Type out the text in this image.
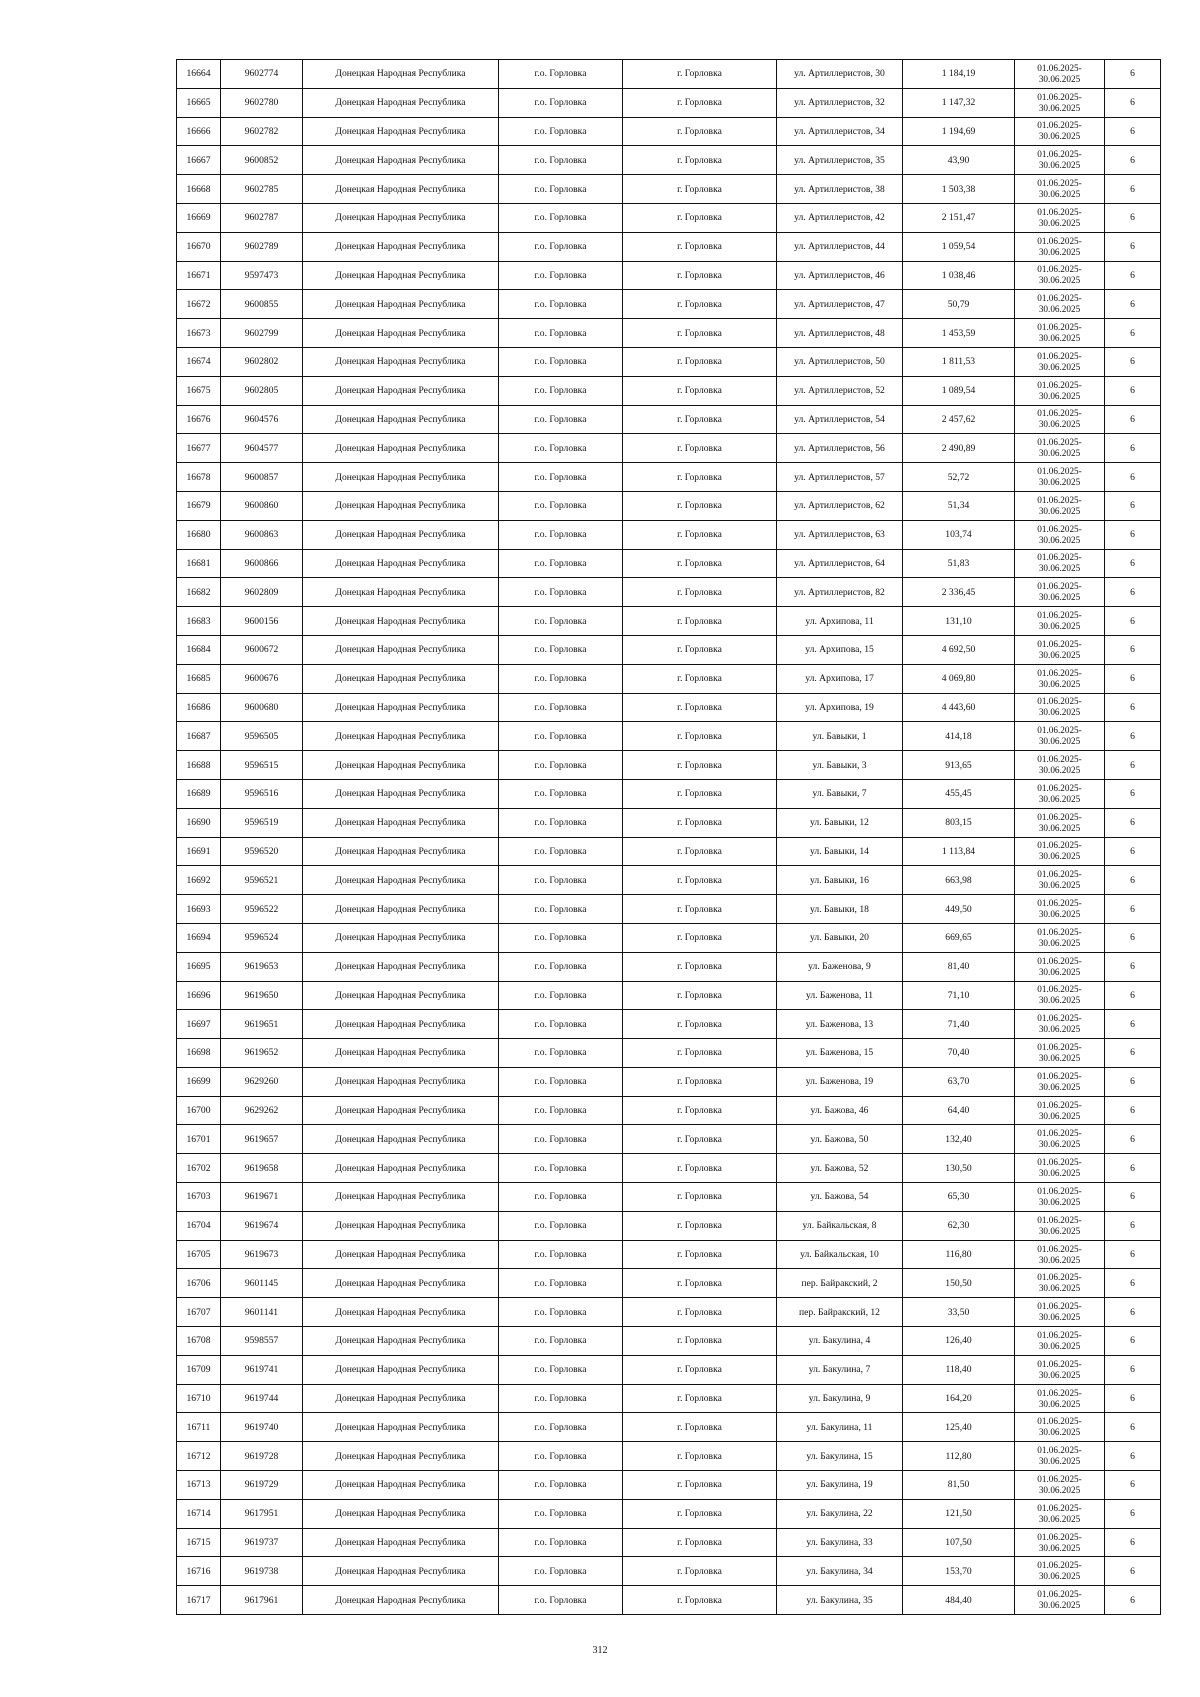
16664	9602774	Донецкая Народная Республика	г.о. Горловка	г. Горловка	ул. Артиллеристов, 30	1 184,19	01.06.2025-
30.06.2025	6
16665	9602780	Донецкая Народная Республика	г.о. Горловка	г. Горловка	ул. Артиллеристов, 32	1 147,32	01.06.2025-
30.06.2025	6
16666	9602782	Донецкая Народная Республика	г.о. Горловка	г. Горловка	ул. Артиллеристов, 34	1 194,69	01.06.2025-
30.06.2025	6
16667	9600852	Донецкая Народная Республика	г.о. Горловка	г. Горловка	ул. Артиллеристов, 35	43,90	01.06.2025-
30.06.2025	6
16668	9602785	Донецкая Народная Республика	г.о. Горловка	г. Горловка	ул. Артиллеристов, 38	1 503,38	01.06.2025-
30.06.2025	6
16669	9602787	Донецкая Народная Республика	г.о. Горловка	г. Горловка	ул. Артиллеристов, 42	2 151,47	01.06.2025-
30.06.2025	6
16670	9602789	Донецкая Народная Республика	г.о. Горловка	г. Горловка	ул. Артиллеристов, 44	1 059,54	01.06.2025-
30.06.2025	6
16671	9597473	Донецкая Народная Республика	г.о. Горловка	г. Горловка	ул. Артиллеристов, 46	1 038,46	01.06.2025-
30.06.2025	6
16672	9600855	Донецкая Народная Республика	г.о. Горловка	г. Горловка	ул. Артиллеристов, 47	50,79	01.06.2025-
30.06.2025	6
16673	9602799	Донецкая Народная Республика	г.о. Горловка	г. Горловка	ул. Артиллеристов, 48	1 453,59	01.06.2025-
30.06.2025	6
16674	9602802	Донецкая Народная Республика	г.о. Горловка	г. Горловка	ул. Артиллеристов, 50	1 811,53	01.06.2025-
30.06.2025	6
16675	9602805	Донецкая Народная Республика	г.о. Горловка	г. Горловка	ул. Артиллеристов, 52	1 089,54	01.06.2025-
30.06.2025	6
16676	9604576	Донецкая Народная Республика	г.о. Горловка	г. Горловка	ул. Артиллеристов, 54	2 457,62	01.06.2025-
30.06.2025	6
16677	9604577	Донецкая Народная Республика	г.о. Горловка	г. Горловка	ул. Артиллеристов, 56	2 490,89	01.06.2025-
30.06.2025	6
16678	9600857	Донецкая Народная Республика	г.о. Горловка	г. Горловка	ул. Артиллеристов, 57	52,72	01.06.2025-
30.06.2025	6
16679	9600860	Донецкая Народная Республика	г.о. Горловка	г. Горловка	ул. Артиллеристов, 62	51,34	01.06.2025-
30.06.2025	6
16680	9600863	Донецкая Народная Республика	г.о. Горловка	г. Горловка	ул. Артиллеристов, 63	103,74	01.06.2025-
30.06.2025	6
16681	9600866	Донецкая Народная Республика	г.о. Горловка	г. Горловка	ул. Артиллеристов, 64	51,83	01.06.2025-
30.06.2025	6
16682	9602809	Донецкая Народная Республика	г.о. Горловка	г. Горловка	ул. Артиллеристов, 82	2 336,45	01.06.2025-
30.06.2025	6
16683	9600156	Донецкая Народная Республика	г.о. Горловка	г. Горловка	ул. Архипова, 11	131,10	01.06.2025-
30.06.2025	6
16684	9600672	Донецкая Народная Республика	г.о. Горловка	г. Горловка	ул. Архипова, 15	4 692,50	01.06.2025-
30.06.2025	6
16685	9600676	Донецкая Народная Республика	г.о. Горловка	г. Горловка	ул. Архипова, 17	4 069,80	01.06.2025-
30.06.2025	6
16686	9600680	Донецкая Народная Республика	г.о. Горловка	г. Горловка	ул. Архипова, 19	4 443,60	01.06.2025-
30.06.2025	6
16687	9596505	Донецкая Народная Республика	г.о. Горловка	г. Горловка	ул. Бавыки, 1	414,18	01.06.2025-
30.06.2025	6
16688	9596515	Донецкая Народная Республика	г.о. Горловка	г. Горловка	ул. Бавыки, 3	913,65	01.06.2025-
30.06.2025	6
16689	9596516	Донецкая Народная Республика	г.о. Горловка	г. Горловка	ул. Бавыки, 7	455,45	01.06.2025-
30.06.2025	6
16690	9596519	Донецкая Народная Республика	г.о. Горловка	г. Горловка	ул. Бавыки, 12	803,15	01.06.2025-
30.06.2025	6
16691	9596520	Донецкая Народная Республика	г.о. Горловка	г. Горловка	ул. Бавыки, 14	1 113,84	01.06.2025-
30.06.2025	6
16692	9596521	Донецкая Народная Республика	г.о. Горловка	г. Горловка	ул. Бавыки, 16	663,98	01.06.2025-
30.06.2025	6
16693	9596522	Донецкая Народная Республика	г.о. Горловка	г. Горловка	ул. Бавыки, 18	449,50	01.06.2025-
30.06.2025	6
16694	9596524	Донецкая Народная Республика	г.о. Горловка	г. Горловка	ул. Бавыки, 20	669,65	01.06.2025-
30.06.2025	6
16695	9619653	Донецкая Народная Республика	г.о. Горловка	г. Горловка	ул. Баженова, 9	81,40	01.06.2025-
30.06.2025	6
16696	9619650	Донецкая Народная Республика	г.о. Горловка	г. Горловка	ул. Баженова, 11	71,10	01.06.2025-
30.06.2025	6
16697	9619651	Донецкая Народная Республика	г.о. Горловка	г. Горловка	ул. Баженова, 13	71,40	01.06.2025-
30.06.2025	6
16698	9619652	Донецкая Народная Республика	г.о. Горловка	г. Горловка	ул. Баженова, 15	70,40	01.06.2025-
30.06.2025	6
16699	9629260	Донецкая Народная Республика	г.о. Горловка	г. Горловка	ул. Баженова, 19	63,70	01.06.2025-
30.06.2025	6
16700	9629262	Донецкая Народная Республика	г.о. Горловка	г. Горловка	ул. Бажова, 46	64,40	01.06.2025-
30.06.2025	6
16701	9619657	Донецкая Народная Республика	г.о. Горловка	г. Горловка	ул. Бажова, 50	132,40	01.06.2025-
30.06.2025	6
16702	9619658	Донецкая Народная Республика	г.о. Горловка	г. Горловка	ул. Бажова, 52	130,50	01.06.2025-
30.06.2025	6
16703	9619671	Донецкая Народная Республика	г.о. Горловка	г. Горловка	ул. Бажова, 54	65,30	01.06.2025-
30.06.2025	6
16704	9619674	Донецкая Народная Республика	г.о. Горловка	г. Горловка	ул. Байкальская, 8	62,30	01.06.2025-
30.06.2025	6
16705	9619673	Донецкая Народная Республика	г.о. Горловка	г. Горловка	ул. Байкальская, 10	116,80	01.06.2025-
30.06.2025	6
16706	9601145	Донецкая Народная Республика	г.о. Горловка	г. Горловка	пер. Байракский, 2	150,50	01.06.2025-
30.06.2025	6
16707	9601141	Донецкая Народная Республика	г.о. Горловка	г. Горловка	пер. Байракский, 12	33,50	01.06.2025-
30.06.2025	6
16708	9598557	Донецкая Народная Республика	г.о. Горловка	г. Горловка	ул. Бакулина, 4	126,40	01.06.2025-
30.06.2025	6
16709	9619741	Донецкая Народная Республика	г.о. Горловка	г. Горловка	ул. Бакулина, 7	118,40	01.06.2025-
30.06.2025	6
16710	9619744	Донецкая Народная Республика	г.о. Горловка	г. Горловка	ул. Бакулина, 9	164,20	01.06.2025-
30.06.2025	6
16711	9619740	Донецкая Народная Республика	г.о. Горловка	г. Горловка	ул. Бакулина, 11	125,40	01.06.2025-
30.06.2025	6
16712	9619728	Донецкая Народная Республика	г.о. Горловка	г. Горловка	ул. Бакулина, 15	112,80	01.06.2025-
30.06.2025	6
16713	9619729	Донецкая Народная Республика	г.о. Горловка	г. Горловка	ул. Бакулина, 19	81,50	01.06.2025-
30.06.2025	6
16714	9617951	Донецкая Народная Республика	г.о. Горловка	г. Горловка	ул. Бакулина, 22	121,50	01.06.2025-
30.06.2025	6
16715	9619737	Донецкая Народная Республика	г.о. Горловка	г. Горловка	ул. Бакулина, 33	107,50	01.06.2025-
30.06.2025	6
16716	9619738	Донецкая Народная Республика	г.о. Горловка	г. Горловка	ул. Бакулина, 34	153,70	01.06.2025-
30.06.2025	6
16717	9617961	Донецкая Народная Республика	г.о. Горловка	г. Горловка	ул. Бакулина, 35	484,40	01.06.2025-
30.06.2025	6
312
